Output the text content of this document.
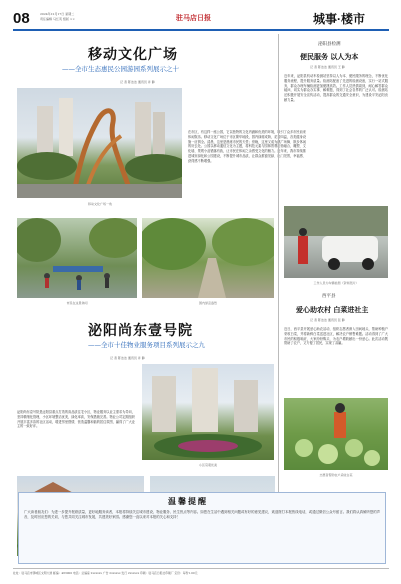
08	2024年12月17日 星期二
责任编辑 马红英 组版 ××	驻马店日报	城事·楼市
移动文化广场
——全市生态惠民公园游园系列展示之十
记 者 陈洁洁 通讯员 许 静
移动文化广场一角
在市区，有这样一座公园，它以独特的文化内涵和优美的环境，吸引了众多市民前来休闲娱乐。移动文化广场位于市区繁华地段，园内绿树成荫，花香四溢，各类健身设施一应俱全。清晨，这里是晨练市民的天堂；傍晚，这里又成为跳广场舞、散步休闲的好去处。公园以移动通信文化为主题，将科技元素与园林景观巧妙融合，雕塑、文化墙、景观小品错落有致，让市民在休闲之余感受文化的魅力。近年来，我市持续推进城市绿化和公园建设，不断提升城市品质，让群众推窗见绿、出门见景，幸福感、获得感不断增强。
市民在这里休闲	园内绿意盎然
泌阳尚东壹号院
——全市十佳物业服务项目系列展示之九
记 者 陈洁洁 通讯员 许 静
泌阳尚东壹号院是泌阳县重点打造的高品质住宅小区，物业服务以业主需求为导向，坚持精细化管理，小区环境整洁优美，绿化率高，安保措施完善。物业公司定期组织开展丰富多彩的社区活动，增进邻里感情，营造温馨和谐的居住氛围，赢得了广大业主的一致好评。
小区景观优美
泌阳县检测
便民服务 以人为本
记 者 陈洁洁 通讯员 王 静
近年来，泌阳县机动车检测站坚持以人为本、便民服务的理念，不断优化服务流程，提升服务质量。检测站配备了先进的检测设备，实行一站式服务，群众办理车辆检测更加便捷高效。工作人员热情周到，耐心解答群众疑问，切实为群众办实事、解难题，得到了社会各界的广泛认可。检测站还积极开展安全宣传活动，提高群众的交通安全意识，为建设平安泌阳贡献力量。
工作人员为车辆检测（资料图片）
西平县
爱心助农村 白菜进社主
记 者 陈洁洁 通讯员 张 静
近日，西平县开展爱心助农活动，组织志愿者深入田间地头，帮助种植户采收白菜，并将新鲜白菜送进社区，解决农户销售难题。活动得到了广大市民的积极响应，大家纷纷购买，为农户增收献出一份爱心。此次活动既帮助了农户，又方便了居民，实现了双赢。
志愿者帮助农户采收白菜
温馨提醒
广大读者朋友们：为进一步提升报纸质量，更好地服务读者，本报将持续关注城市建设、物业服务、民生热点等内容。如您在生活中遇到相关问题或有好的意见建议，欢迎拨打本报热线电话，或通过微信公众号留言。我们将认真倾听您的声音，及时回应您的关切，与您共同关注城市发展，共建美好家园。感谢您一直以来对本报的关心和支持！
社址：驻马店市驿城区文明大道 邮编：463000 电话：总编室 2xxxxxx 广告 2xxxxxx 发行 2xxxxxx 印刷：驻马店日报社印刷厂 定价：每份1.00元
